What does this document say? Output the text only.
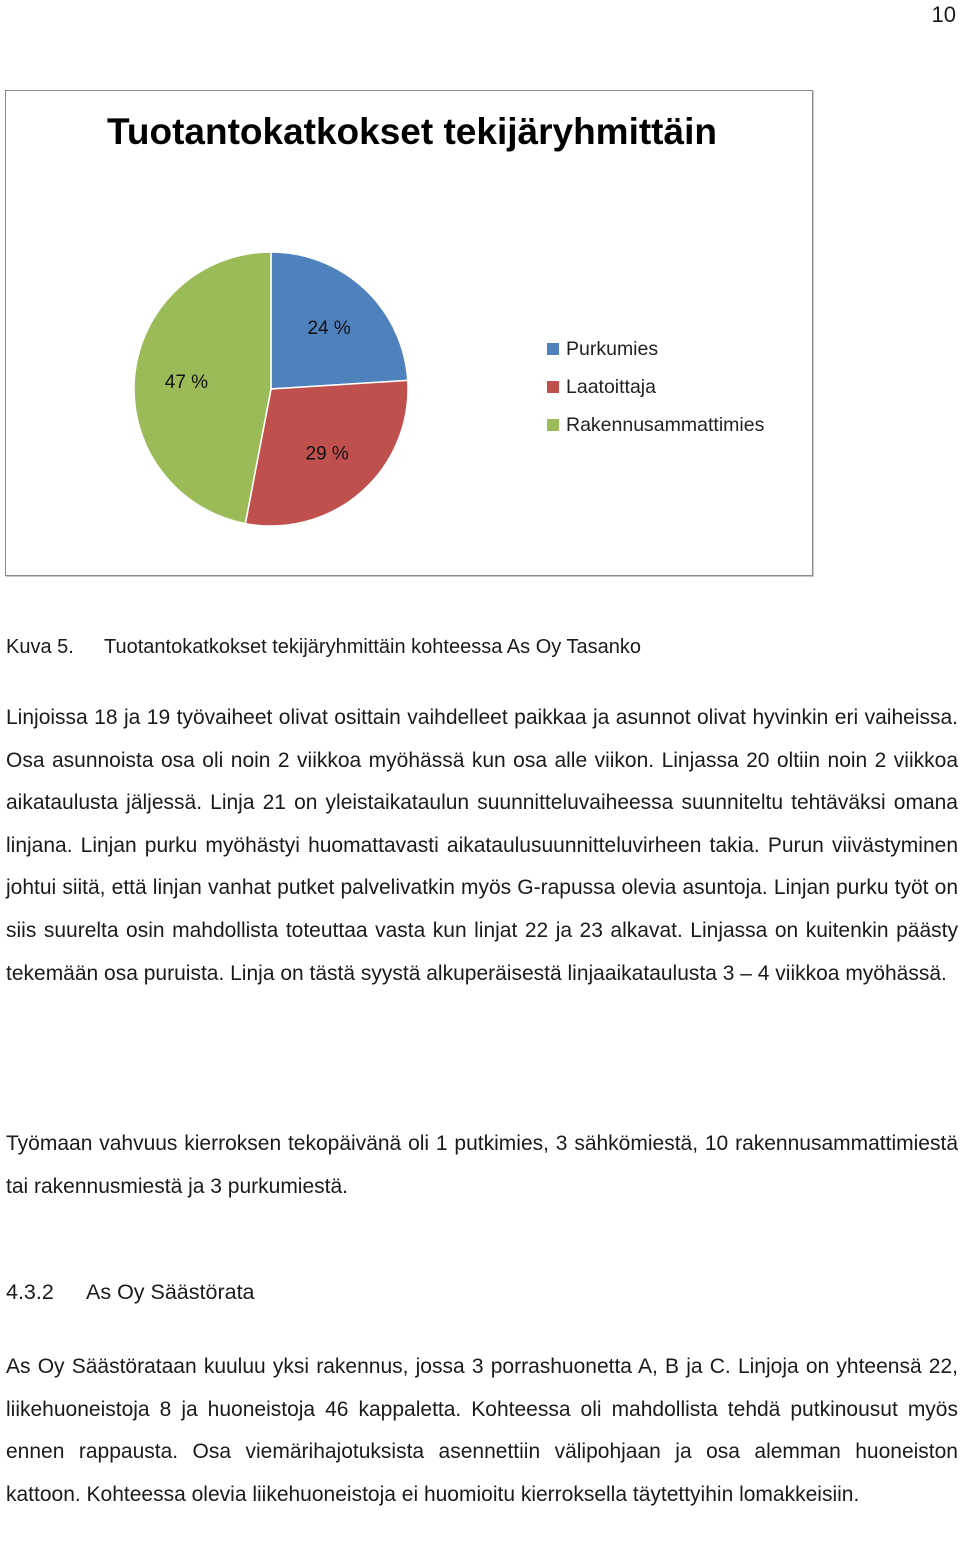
10
Tuotantokatkokset tekijäryhmittäin
24 %
29 %
47 %
Purkumies
Laatoittaja
Rakennusammattimies
Kuva 5. Tuotantokatkokset tekijäryhmittäin kohteessa As Oy Tasanko

Linjoissa 18 ja 19 työvaiheet olivat osittain vaihdelleet paikkaa ja asunnot olivat hyvinkin eri vaiheissa. Osa asunnoista osa oli noin 2 viikkoa myöhässä kun osa alle viikon. Linjassa 20 oltiin noin 2 viikkoa aikataulusta jäljessä. Linja 21 on yleistaikataulun suunnitteluvaiheessa suunniteltu tehtäväksi omana linjana. Linjan purku myöhästyi huomattavasti aikataulusuunnitteluvirheen takia. Purun viivästyminen johtui siitä, että linjan vanhat putket palvelivatkin myös G-rapussa olevia asuntoja. Linjan purku työt on siis suurelta osin mahdollista toteuttaa vasta kun linjat 22 ja 23 alkavat. Linjassa on kuitenkin päästy tekemään osa puruista. Linja on tästä syystä alkuperäisestä linjaaikataulusta 3 – 4 viikkoa myöhässä.

Työmaan vahvuus kierroksen tekopäivänä oli 1 putkimies, 3 sähkömiestä, 10 rakennusammattimiestä tai rakennusmiestä ja 3 purkumiestä.

4.3.2 As Oy Säästörata

As Oy Säästörataan kuuluu yksi rakennus, jossa 3 porrashuonetta A, B ja C. Linjoja on yhteensä 22, liikehuoneistoja 8 ja huoneistoja 46 kappaletta. Kohteessa oli mahdollista tehdä putkinousut myös ennen rappausta. Osa viemärihajotuksista asennettiin välipohjaan ja osa alemman huoneiston kattoon. Kohteessa olevia liikehuoneistoja ei huomioitu kierroksella täytettyihin lomakkeisiin.
